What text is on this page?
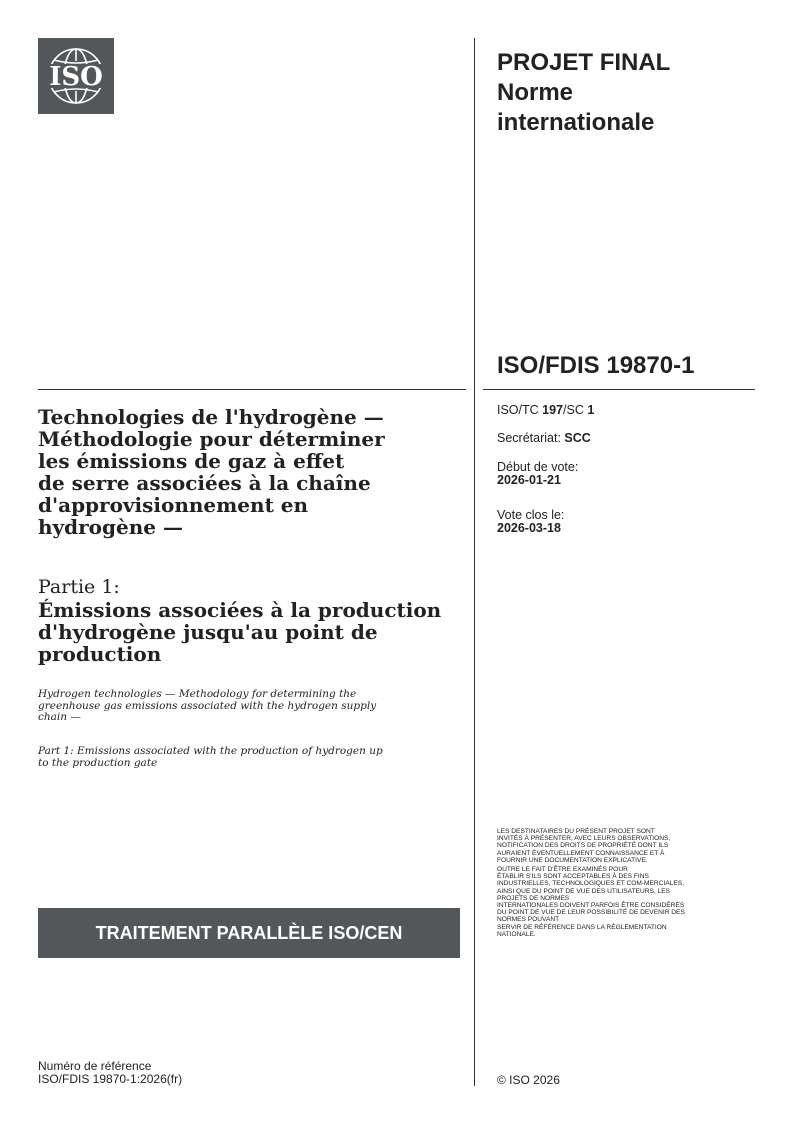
ISO	PROJET FINAL
Norme
internationale
ISO/FDIS 19870-1
ISO/TC 197/SC 1
Secrétariat: SCC
Début de vote:
2026-01-21
Vote clos le:
2026-03-18
Technologies de l'hydrogène —
Méthodologie pour déterminer
les émissions de gaz à effet
de serre associées à la chaîne
d'approvisionnement en
hydrogène —
Partie 1:
Émissions associées à la production
d'hydrogène jusqu'au point de
production
Hydrogen technologies — Methodology for determining the
greenhouse gas emissions associated with the hydrogen supply
chain —
Part 1: Emissions associated with the production of hydrogen up
to the production gate
TRAITEMENT PARALLÈLE ISO/CEN
LES DESTINATAIRES DU PRÉSENT PROJET SONT
INVITÉS À PRÉSENTER, AVEC LEURS OBSERVATIONS,
NOTIFICATION DES DROITS DE PROPRIÉTÉ DONT ILS
AURAIENT ÉVENTUELLEMENT CONNAISSANCE ET À
FOURNIR UNE DOCUMENTATION EXPLICATIVE.
OUTRE LE FAIT D'ÊTRE EXAMINÉS POUR
ÉTABLIR S'ILS SONT ACCEPTABLES À DES FINS
INDUSTRIELLES, TECHNOLOGIQUES ET COM-MERCIALES,
AINSI QUE DU POINT DE VUE DES UTILISATEURS, LES
PROJETS DE NORMES
INTERNATIONALES DOIVENT PARFOIS ÊTRE CONSIDÉRÉS
DU POINT DE VUE DE LEUR POSSIBILITÉ DE DEVENIR DES
NORMES POUVANT
SERVIR DE RÉFÉRENCE DANS LA RÉGLEMENTATION
NATIONALE.
Numéro de référence
ISO/FDIS 19870-1:2026(fr)	© ISO 2026
